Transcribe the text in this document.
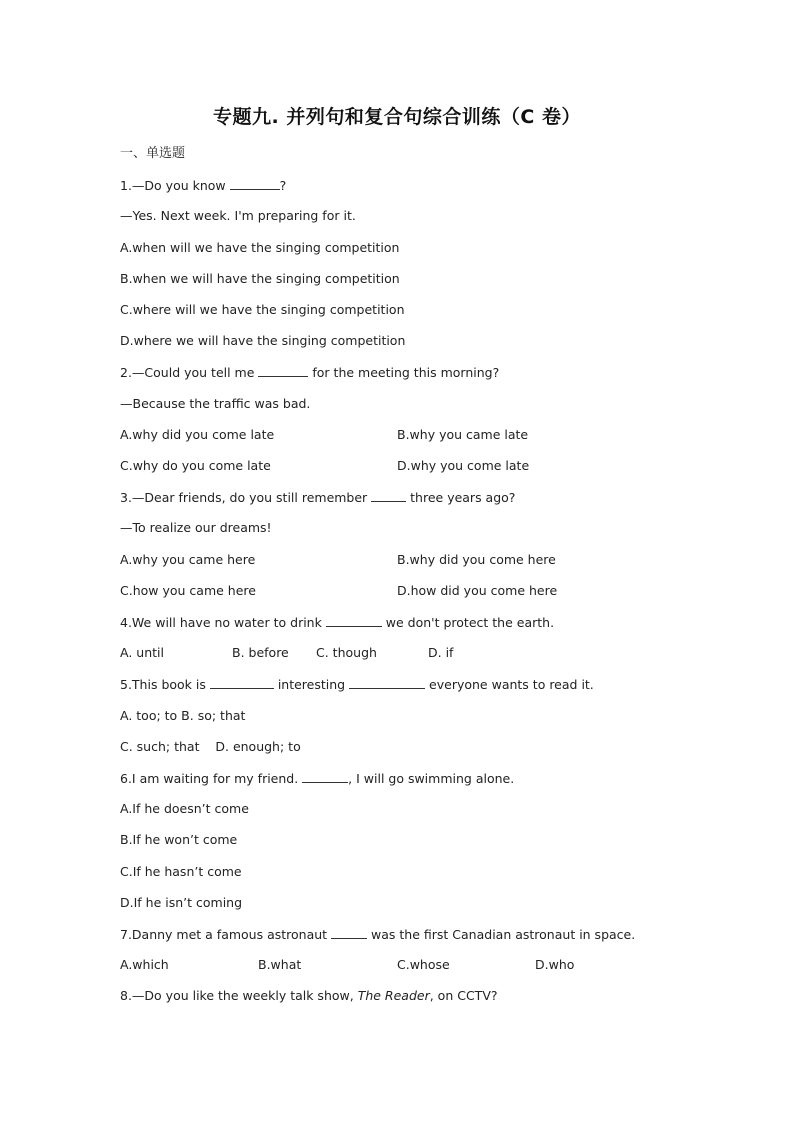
专题九. 并列句和复合句综合训练（C 卷）
一、单选题
1.—Do you know	?
—Yes. Next week. I'm preparing for it.
A.when will we have the singing competition
B.when we will have the singing competition
C.where will we have the singing competition
D.where we will have the singing competition
2.—Could you tell me	for the meeting this morning?
—Because the traffic was bad.
A.why did you come late	B.why you came late
C.why do you come late	D.why you come late
3.—Dear friends, do you still remember	three years ago?
—To realize our dreams!
A.why you came here	B.why did you come here
C.how you came here	D.how did you come here
4.We will have no water to drink	we don't protect the earth.
A. until	B. before C. though	D. if
5.This book is	interesting	everyone wants to read it.
A. too; to B. so; that
C. such; that    D. enough; to
6.I am waiting for my friend.	, I will go swimming alone.
A.If he doesn’t come
B.If he won’t come
C.If he hasn’t come
D.If he isn’t coming
7.Danny met a famous astronaut	was the first Canadian astronaut in space.
A.which	B.what	C.whose	D.who
8.—Do you like the weekly talk show, The Reader, on CCTV?
